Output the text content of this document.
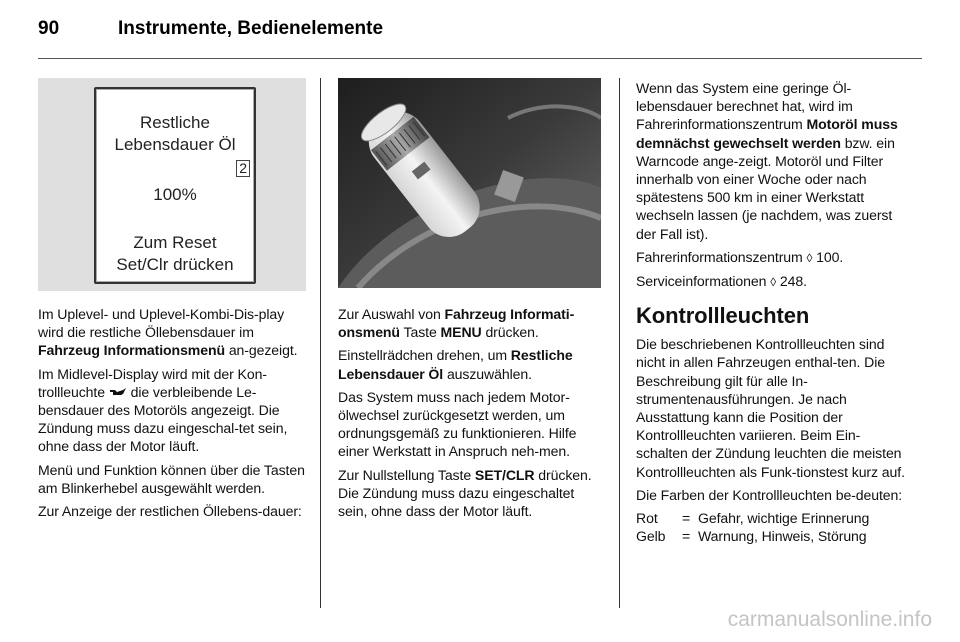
90	Instrumente, Bedienelemente
Restliche
Lebensdauer Öl
2
100%
Zum Reset
Set/Clr drücken

Im Uplevel- und Uplevel-Kombi-Dis-play wird die restliche Öllebensdauer im Fahrzeug Informationsmenü an-gezeigt.

Im Midlevel-Display wird mit der Kon-trollleuchte  die verbleibende Le-bensdauer des Motoröls angezeigt. Die Zündung muss dazu eingeschal-tet sein, ohne dass der Motor läuft.

Menü und Funktion können über die Tasten am Blinkerhebel ausgewählt werden.

Zur Anzeige der restlichen Öllebens-dauer:

Zur Auswahl von Fahrzeug Informati-onsmenü Taste MENU drücken.

Einstellrädchen drehen, um Restliche Lebensdauer Öl auszuwählen.

Das System muss nach jedem Motor-ölwechsel zurückgesetzt werden, um ordnungsgemäß zu funktionieren. Hilfe einer Werkstatt in Anspruch neh-men.

Zur Nullstellung Taste SET/CLR drücken. Die Zündung muss dazu eingeschaltet sein, ohne dass der Motor läuft.

Wenn das System eine geringe Öl-lebensdauer berechnet hat, wird im Fahrerinformationszentrum Motoröl muss demnächst gewechselt werden bzw. ein Warncode ange-zeigt. Motoröl und Filter innerhalb von einer Woche oder nach spätestens 500 km in einer Werkstatt wechseln lassen (je nachdem, was zuerst der Fall ist).

Fahrerinformationszentrum ◊ 100.

Serviceinformationen ◊ 248.

Kontrollleuchten

Die beschriebenen Kontrollleuchten sind nicht in allen Fahrzeugen enthal-ten. Die Beschreibung gilt für alle In-strumentenausführungen. Je nach Ausstattung kann die Position der Kontrollleuchten variieren. Beim Ein-schalten der Zündung leuchten die meisten Kontrollleuchten als Funk-tionstest kurz auf.

Die Farben der Kontrollleuchten be-deuten:

Rot	=	Gefahr, wichtige Erinnerung
Gelb	=	Warnung, Hinweis, Störung
carmanualsonline.info
